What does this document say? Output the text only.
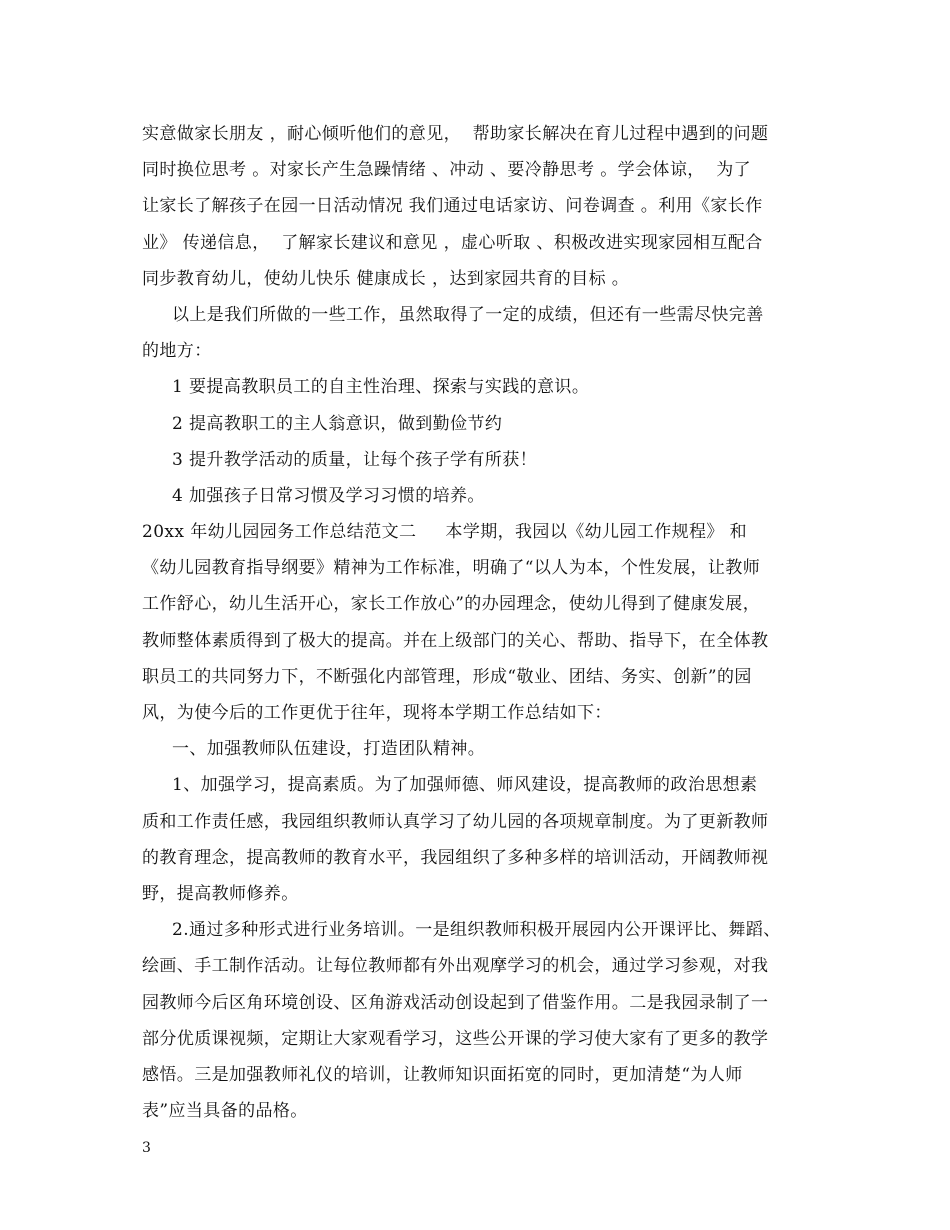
实意做家长朋友 ，耐心倾听他们的意见，  帮助家长解决在育儿过程中遇到的问题
同时换位思考 。对家长产生急躁情绪 、冲动 、要冷静思考 。学会体谅，  为了
让家长了解孩子在园一日活动情况 我们通过电话家访、问卷调查 。利用《家长作
业》 传递信息，  了解家长建议和意见 ，虚心听取 、积极改进实现家园相互配合
同步教育幼儿，使幼儿快乐 健康成长 ，达到家园共育的目标 。
以上是我们所做的一些工作，虽然取得了一定的成绩，但还有一些需尽快完善
的地方：
1 要提高教职员工的自主性治理、探索与实践的意识。
2 提高教职工的主人翁意识，做到勤俭节约
3 提升教学活动的质量，让每个孩子学有所获！
4 加强孩子日常习惯及学习习惯的培养。
20xx 年幼儿园园务工作总结范文二     本学期，我园以《幼儿园工作规程》 和
《幼儿园教育指导纲要》精神为工作标准，明确了“以人为本，个性发展，让教师
工作舒心，幼儿生活开心，家长工作放心”的办园理念，使幼儿得到了健康发展，
教师整体素质得到了极大的提高。并在上级部门的关心、帮助、指导下，在全体教
职员工的共同努力下，不断强化内部管理，形成“敬业、团结、务实、创新”的园
风，为使今后的工作更优于往年，现将本学期工作总结如下：
一、加强教师队伍建设，打造团队精神。
1、加强学习，提高素质。为了加强师德、师风建设，提高教师的政治思想素
质和工作责任感，我园组织教师认真学习了幼儿园的各项规章制度。为了更新教师
的教育理念，提高教师的教育水平，我园组织了多种多样的培训活动，开阔教师视
野，提高教师修养。
2.通过多种形式进行业务培训。一是组织教师积极开展园内公开课评比、舞蹈、
绘画、手工制作活动。让每位教师都有外出观摩学习的机会，通过学习参观，对我
园教师今后区角环境创设、区角游戏活动创设起到了借鉴作用。二是我园录制了一
部分优质课视频，定期让大家观看学习，这些公开课的学习使大家有了更多的教学
感悟。三是加强教师礼仪的培训，让教师知识面拓宽的同时，更加清楚“为人师
表”应当具备的品格。
3
